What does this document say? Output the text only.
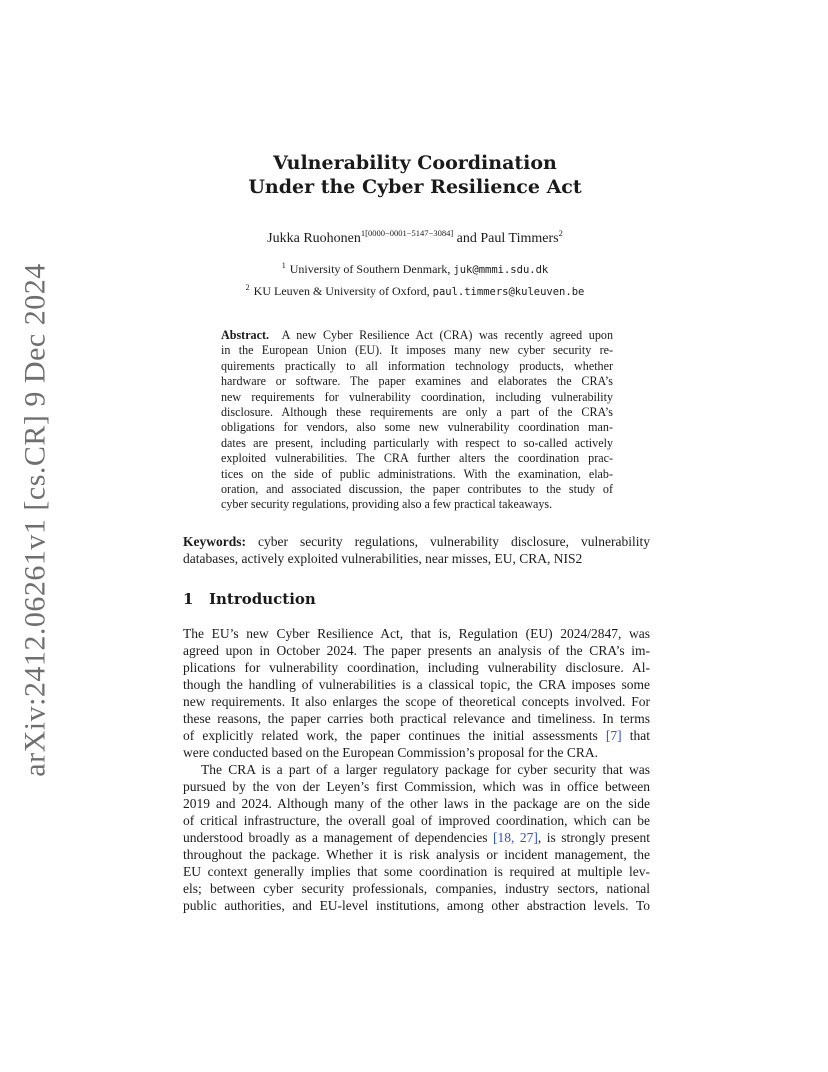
arXiv:2412.06261v1 [cs.CR] 9 Dec 2024
Vulnerability Coordination
Under the Cyber Resilience Act
Jukka Ruohonen$^{1[0000-0001-5147-3084]}$ and Paul Timmers$^2$
$^1$ University of Southern Denmark, juk@mmmi.sdu.dk
$^2$ KU Leuven & University of Oxford, paul.timmers@kuleuven.be
Abstract. A new Cyber Resilience Act (CRA) was recently agreed upon
in the European Union (EU). It imposes many new cyber security re-
quirements practically to all information technology products, whether
hardware or software. The paper examines and elaborates the CRA’s
new requirements for vulnerability coordination, including vulnerability
disclosure. Although these requirements are only a part of the CRA’s
obligations for vendors, also some new vulnerability coordination man-
dates are present, including particularly with respect to so-called actively
exploited vulnerabilities. The CRA further alters the coordination prac-
tices on the side of public administrations. With the examination, elab-
oration, and associated discussion, the paper contributes to the study of
cyber security regulations, providing also a few practical takeaways.
Keywords: cyber security regulations, vulnerability disclosure, vulnerability
databases, actively exploited vulnerabilities, near misses, EU, CRA, NIS2
1 Introduction
The EU’s new Cyber Resilience Act, that is, Regulation (EU) 2024/2847, was
agreed upon in October 2024. The paper presents an analysis of the CRA’s im-
plications for vulnerability coordination, including vulnerability disclosure. Al-
though the handling of vulnerabilities is a classical topic, the CRA imposes some
new requirements. It also enlarges the scope of theoretical concepts involved. For
these reasons, the paper carries both practical relevance and timeliness. In terms
of explicitly related work, the paper continues the initial assessments [7] that
were conducted based on the European Commission’s proposal for the CRA.
The CRA is a part of a larger regulatory package for cyber security that was
pursued by the von der Leyen’s first Commission, which was in office between
2019 and 2024. Although many of the other laws in the package are on the side
of critical infrastructure, the overall goal of improved coordination, which can be
understood broadly as a management of dependencies [18, 27], is strongly present
throughout the package. Whether it is risk analysis or incident management, the
EU context generally implies that some coordination is required at multiple lev-
els; between cyber security professionals, companies, industry sectors, national
public authorities, and EU-level institutions, among other abstraction levels. To
